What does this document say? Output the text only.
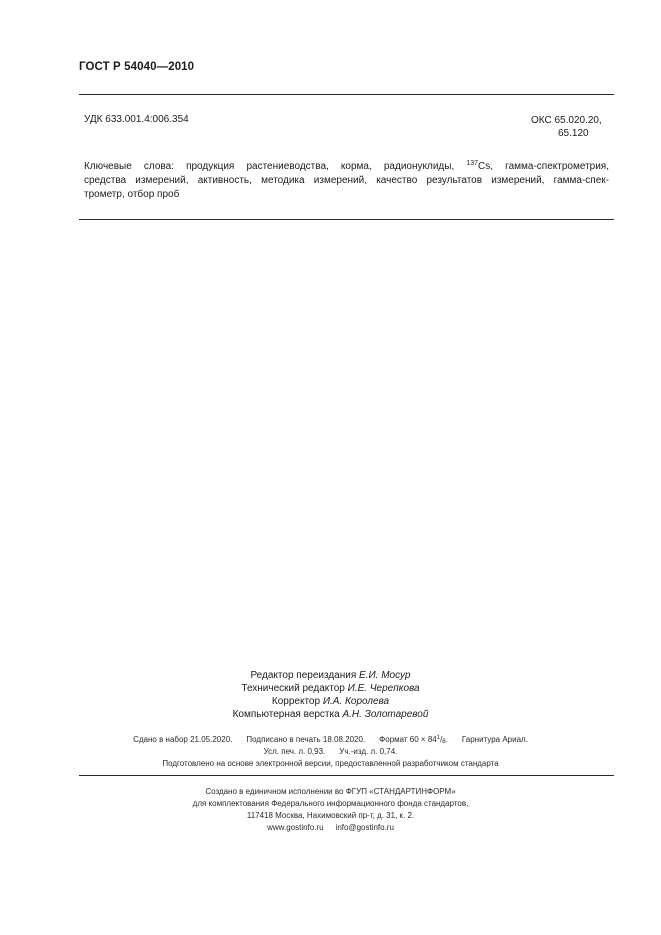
ГОСТ Р 54040—2010
УДК 633.001.4:006.354	ОКС 65.020.20,
65.120
Ключевые слова: продукция растениеводства, корма, радионуклиды, $^{137}$Cs, гамма-спектрометрия,
средства измерений, активность, методика измерений, качество результатов измерений, гамма-спек-
трометр, отбор проб
Редактор переиздания Е.И. Мосур
Технический редактор И.Е. Черепкова
Корректор И.А. Королева
Компьютерная верстка А.Н. Золотаревой
Сдано в набор 21.05.2020. Подписано в печать 18.08.2020. Формат $60 \times 84^1/_8$. Гарнитура Ариал.
Усл. печ. л. 0,93. Уч.-изд. л. 0,74.
Подготовлено на основе электронной версии, предоставленной разработчиком стандарта
Создано в единичном исполнении во ФГУП «СТАНДАРТИНФОРМ»
для комплектования Федерального информационного фонда стандартов,
117418 Москва, Нахимовский пр-т, д. 31, к. 2.
www.gostinfo.ru info@gostinfo.ru
